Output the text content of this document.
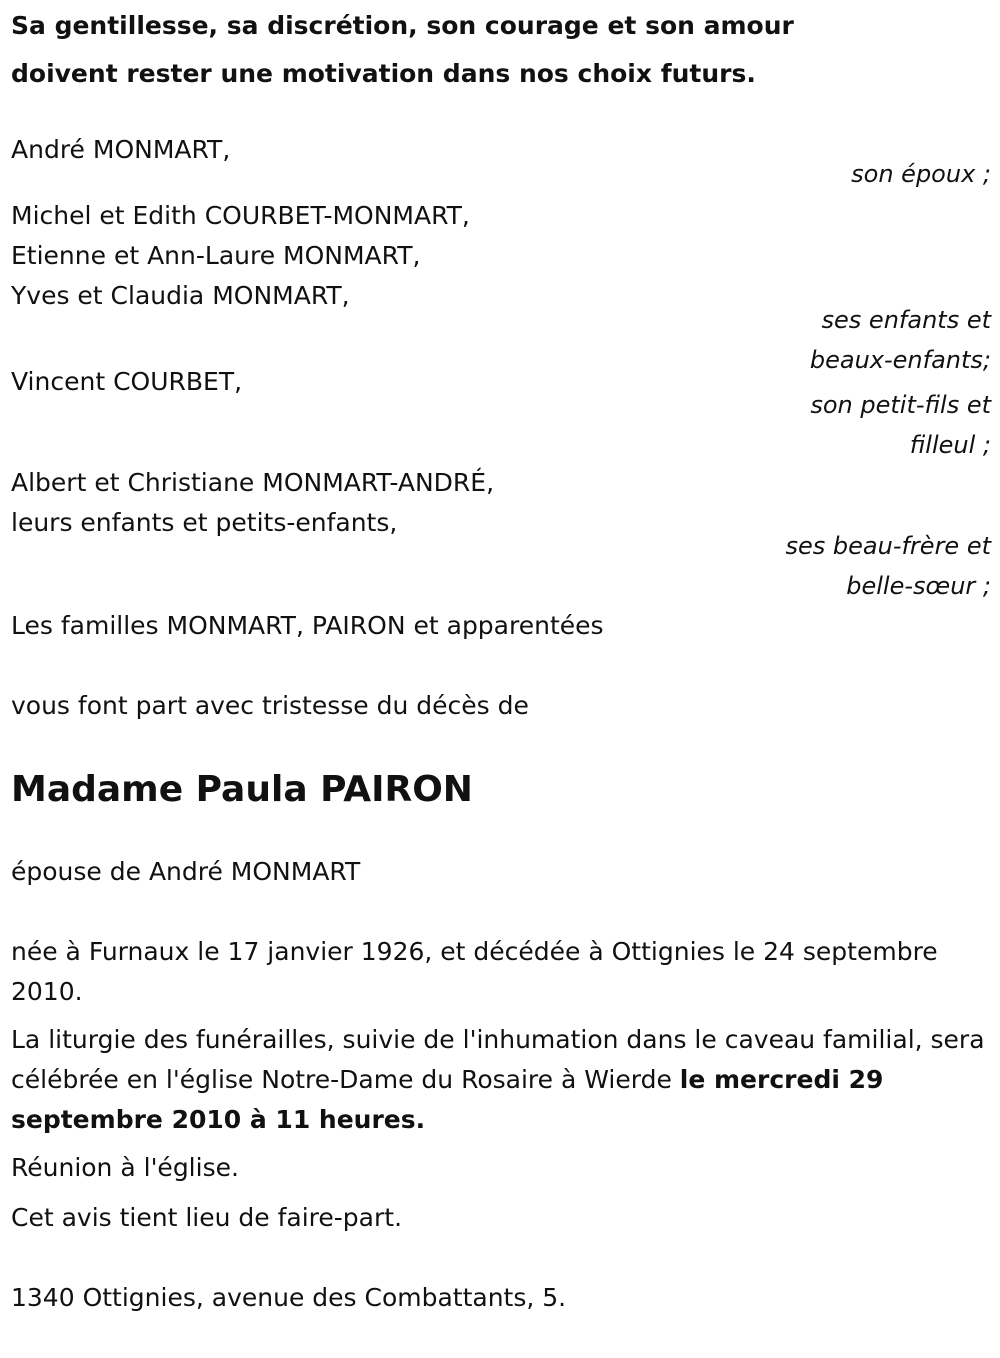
Sa gentillesse, sa discrétion, son courage et son amour

doivent rester une motivation dans nos choix futurs.

André MONMART,

son époux ;

Michel et Edith COURBET-MONMART,

Etienne et Ann-Laure MONMART,

Yves et Claudia MONMART,

ses enfants et

beaux-enfants;

Vincent COURBET,

son petit-fils et

filleul ;

Albert et Christiane MONMART-ANDRÉ,

leurs enfants et petits-enfants,

ses beau-frère et

belle-sœur ;

Les familles MONMART, PAIRON et apparentées

vous font part avec tristesse du décès de

Madame Paula PAIRON

épouse de André MONMART

née à Furnaux le 17 janvier 1926, et décédée à Ottignies le 24 septembre 2010.

La liturgie des funérailles, suivie de l'inhumation dans le caveau familial, sera célébrée en l'église Notre-Dame du Rosaire à Wierde le mercredi 29 septembre 2010 à 11 heures.

Réunion à l'église.

Cet avis tient lieu de faire-part.

1340 Ottignies, avenue des Combattants, 5.
